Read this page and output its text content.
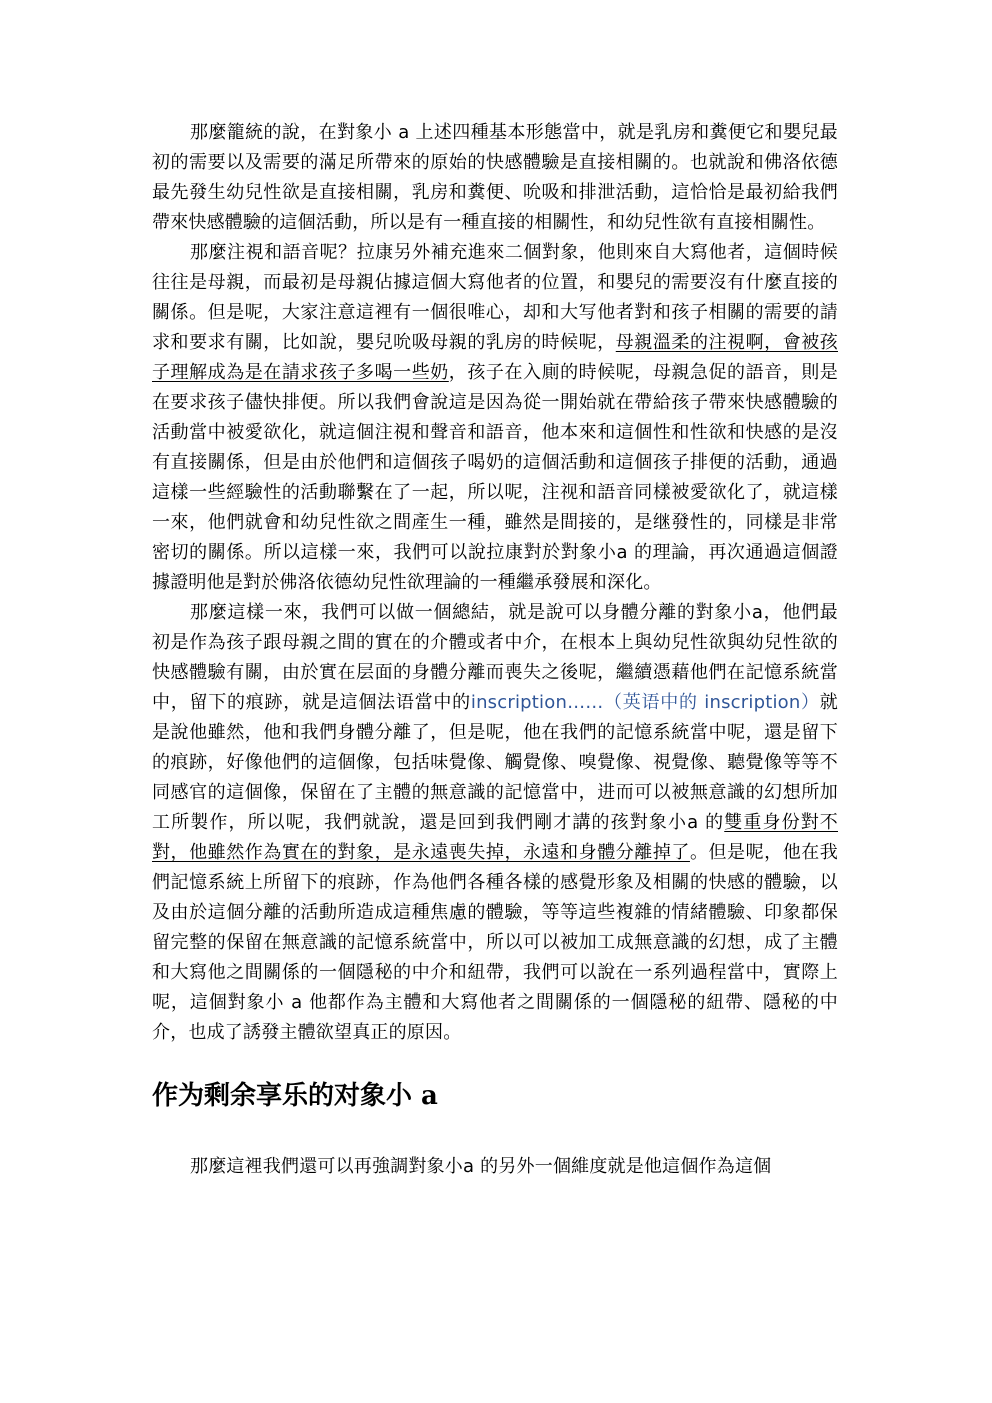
那麼籠統的說，在對象小 a 上述四種基本形態當中，就是乳房和糞便它和嬰兒最初的需要以及需要的滿足所帶來的原始的快感體驗是直接相關的。也就說和佛洛依德最先發生幼兒性欲是直接相關，乳房和糞便、吮吸和排泄活動，這恰恰是最初給我們帶來快感體驗的這個活動，所以是有一種直接的相關性，和幼兒性欲有直接相關性。

那麼注視和語音呢？拉康另外補充進來二個對象，他則來自大寫他者，這個時候往往是母親，而最初是母親佔據這個大寫他者的位置，和嬰兒的需要沒有什麼直接的關係。但是呢，大家注意這裡有一個很唯心，却和大写他者對和孩子相關的需要的請求和要求有關，比如說，嬰兒吮吸母親的乳房的時候呢，母親溫柔的注視啊，會被孩子理解成為是在請求孩子多喝一些奶，孩子在入廁的時候呢，母親急促的語音，則是在要求孩子儘快排便。所以我們會說這是因為從一開始就在帶給孩子帶來快感體驗的活動當中被愛欲化，就這個注視和聲音和語音，他本來和這個性和性欲和快感的是沒有直接關係，但是由於他們和這個孩子喝奶的這個活動和這個孩子排便的活動，通過這樣一些經驗性的活動聯繫在了一起，所以呢，注视和語音同樣被愛欲化了，就這樣一來，他們就會和幼兒性欲之間產生一種，雖然是間接的，是继發性的，同樣是非常密切的關係。所以這樣一來，我們可以說拉康對於對象小a 的理論，再次通過這個證據證明他是對於佛洛依德幼兒性欲理論的一種繼承發展和深化。

那麼這樣一來，我們可以做一個總結，就是說可以身體分離的對象小a，他們最初是作為孩子跟母親之間的實在的介體或者中介，在根本上與幼兒性欲與幼兒性欲的快感體驗有關，由於實在层面的身體分離而喪失之後呢，繼續憑藉他們在記憶系統當中，留下的痕跡，就是這個法语當中的inscription……（英语中的 inscription）就是說他雖然，他和我們身體分離了，但是呢，他在我們的記憶系統當中呢，還是留下的痕跡，好像他們的這個像，包括味覺像、觸覺像、嗅覺像、視覺像、聽覺像等等不同感官的這個像，保留在了主體的無意識的記憶當中，进而可以被無意識的幻想所加工所製作，所以呢，我們就說，還是回到我們剛才講的孩對象小a 的雙重身份對不對，他雖然作為實在的對象，是永遠喪失掉，永遠和身體分離掉了。但是呢，他在我們記憶系統上所留下的痕跡，作為他們各種各樣的感覺形象及相關的快感的體驗，以及由於這個分離的活動所造成這種焦慮的體驗，等等這些複雜的情緒體驗、印象都保留完整的保留在無意識的記憶系統當中，所以可以被加工成無意識的幻想，成了主體和大寫他之間關係的一個隱秘的中介和紐帶，我們可以說在一系列過程當中，實際上呢，這個對象小 a 他都作為主體和大寫他者之間關係的一個隱秘的紐帶、隱秘的中介，也成了誘發主體欲望真正的原因。

作为剩余享乐的对象小 a

那麼這裡我們還可以再強調對象小a 的另外一個維度就是他這個作為這個
